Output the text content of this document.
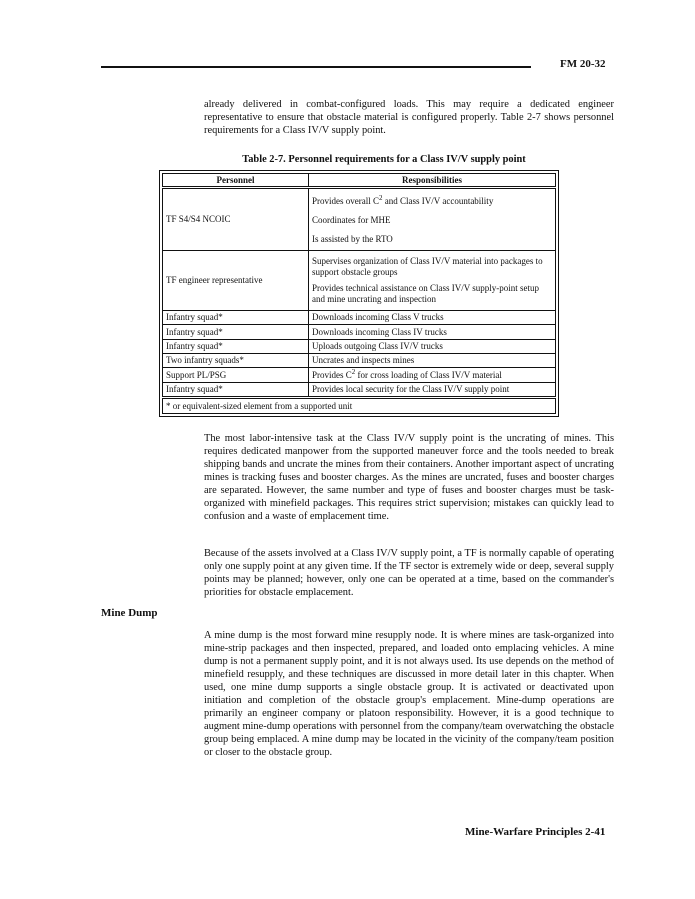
FM 20-32

already delivered in combat-configured loads. This may require a dedicated engineer representative to ensure that obstacle material is configured properly. Table 2-7 shows personnel requirements for a Class IV/V supply point.

Table 2-7. Personnel requirements for a Class IV/V supply point
Personnel	Responsibilities
TF S4/S4 NCOIC	Provides overall $C^2$ and Class IV/V accountability
Coordinates for MHE
Is assisted by the RTO

TF engineer representative	Supervises organization of Class IV/V material into packages to support obstacle groups
Provides technical assistance on Class IV/V supply-point setup and mine uncrating and inspection

Infantry squad*	Downloads incoming Class V trucks
Infantry squad*	Downloads incoming Class IV trucks
Infantry squad*	Uploads outgoing Class IV/V trucks
Two infantry squads*	Uncrates and inspects mines
Support PL/PSG	Provides $C^2$ for cross loading of Class IV/V material
Infantry squad*	Provides local security for the Class IV/V supply point
* or equivalent-sized element from a supported unit	

The most labor-intensive task at the Class IV/V supply point is the uncrating of mines. This requires dedicated manpower from the supported maneuver force and the tools needed to break shipping bands and uncrate the mines from their containers. Another important aspect of uncrating mines is tracking fuses and booster charges. As the mines are uncrated, fuses and booster charges are separated. However, the same number and type of fuses and booster charges must be task-organized with minefield packages. This requires strict supervision; mistakes can quickly lead to confusion and a waste of emplacement time.

Because of the assets involved at a Class IV/V supply point, a TF is normally capable of operating only one supply point at any given time. If the TF sector is extremely wide or deep, several supply points may be planned; however, only one can be operated at a time, based on the commander's priorities for obstacle emplacement.

Mine Dump

A mine dump is the most forward mine resupply node. It is where mines are task-organized into mine-strip packages and then inspected, prepared, and loaded onto emplacing vehicles. A mine dump is not a permanent supply point, and it is not always used. Its use depends on the method of minefield resupply, and these techniques are discussed in more detail later in this chapter. When used, one mine dump supports a single obstacle group. It is activated or deactivated upon initiation and completion of the obstacle group's emplacement. Mine-dump operations are primarily an engineer company or platoon responsibility. However, it is a good technique to augment mine-dump operations with personnel from the company/team overwatching the obstacle group being emplaced. A mine dump may be located in the vicinity of the company/team position or closer to the obstacle group.

Mine-Warfare Principles 2-41
